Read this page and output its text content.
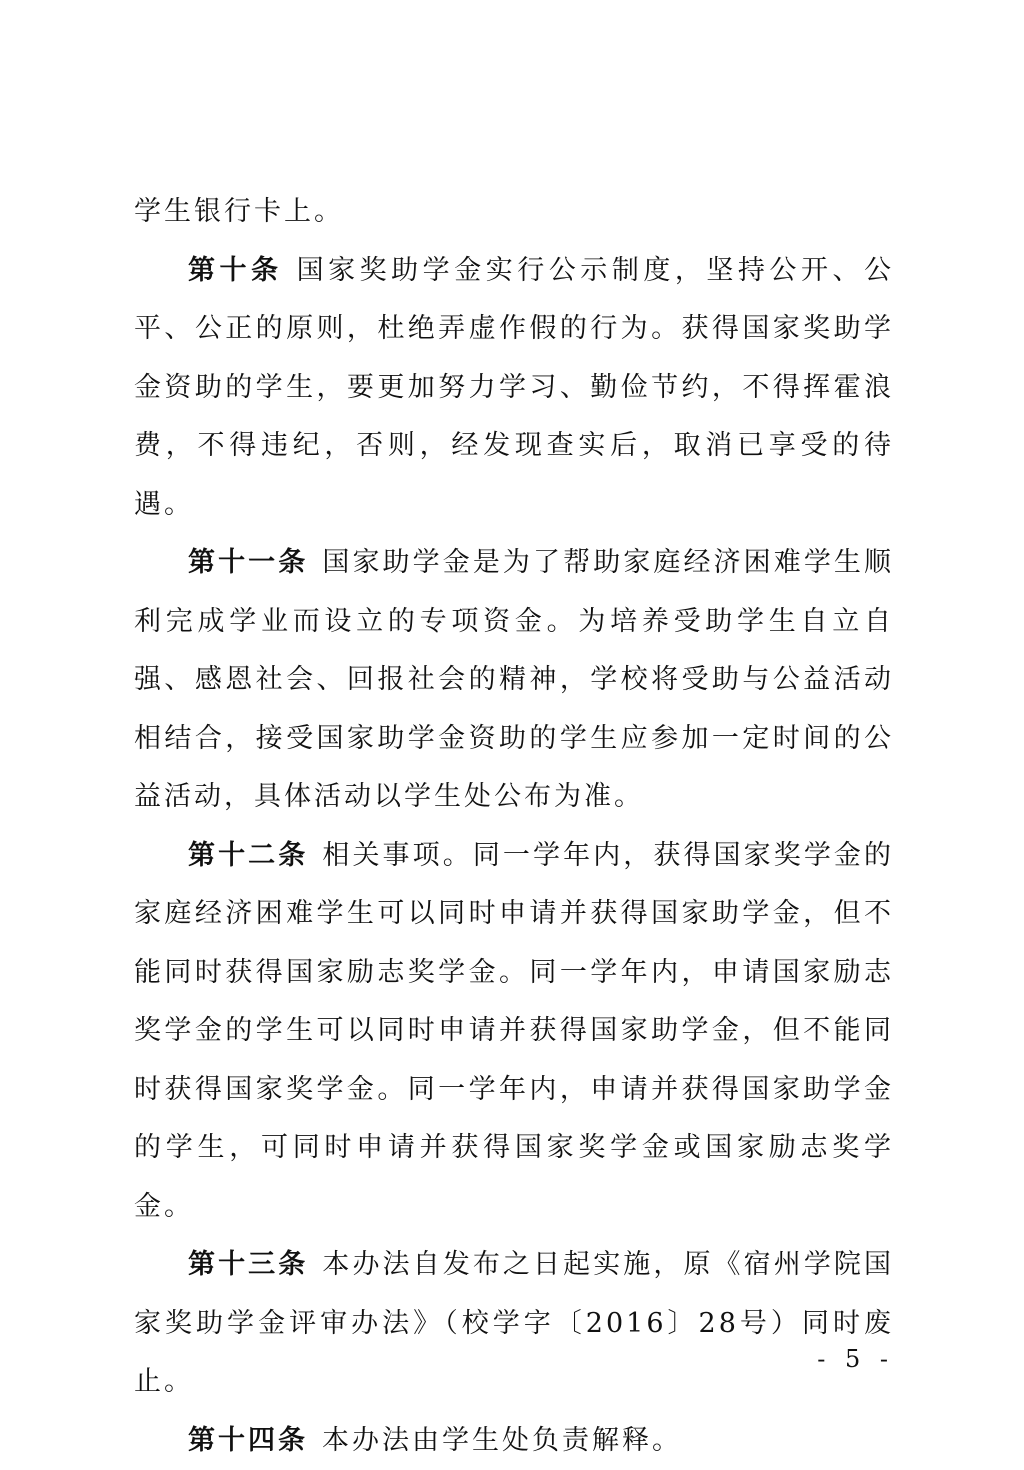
学生银行卡上。

第十条 国家奖助学金实行公示制度，坚持公开、公平、公正的原则，杜绝弄虚作假的行为。获得国家奖助学金资助的学生，要更加努力学习、勤俭节约，不得挥霍浪费，不得违纪，否则，经发现查实后，取消已享受的待遇。

第十一条 国家助学金是为了帮助家庭经济困难学生顺利完成学业而设立的专项资金。为培养受助学生自立自强、感恩社会、回报社会的精神，学校将受助与公益活动相结合，接受国家助学金资助的学生应参加一定时间的公益活动，具体活动以学生处公布为准。

第十二条 相关事项。同一学年内，获得国家奖学金的家庭经济困难学生可以同时申请并获得国家助学金，但不能同时获得国家励志奖学金。同一学年内，申请国家励志奖学金的学生可以同时申请并获得国家助学金，但不能同时获得国家奖学金。同一学年内，申请并获得国家助学金的学生，可同时申请并获得国家奖学金或国家励志奖学金。

第十三条 本办法自发布之日起实施，原《宿州学院国家奖助学金评审办法》（校学字〔2016〕28号）同时废止。

第十四条 本办法由学生处负责解释。

- 5 -
